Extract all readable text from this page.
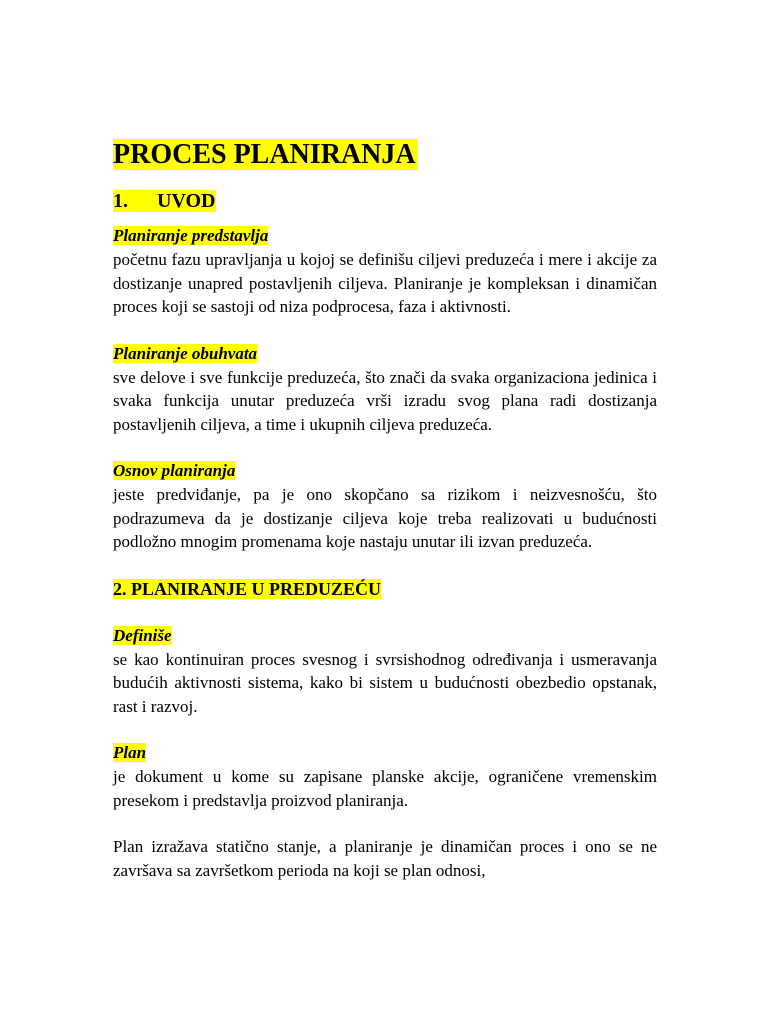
PROCES PLANIRANJA
1. UVOD
Planiranje predstavlja
početnu fazu upravljanja u kojoj se definišu ciljevi preduzeća i mere i akcije za dostizanje unapred postavljenih ciljeva. Planiranje je kompleksan i dinamičan proces koji se sastoji od niza podprocesa, faza i aktivnosti.
Planiranje obuhvata
sve delove i sve funkcije preduzeća, što znači da svaka organizaciona jedinica i svaka funkcija unutar preduzeća vrši izradu svog plana radi dostizanja postavljenih ciljeva, a time i ukupnih ciljeva preduzeća.
Osnov planiranja
jeste predviđanje, pa je ono skopčano sa rizikom i neizvesnošću, što podrazumeva da je dostizanje ciljeva koje treba realizovati u budućnosti podložno mnogim promenama koje nastaju unutar ili izvan preduzeća.
2. PLANIRANJE U PREDUZEĆU
Definiše
se kao kontinuiran proces svesnog i svrsishodnog određivanja i usmeravanja budućih aktivnosti sistema, kako bi sistem u budućnosti obezbedio opstanak, rast i razvoj.
Plan
je dokument u kome su zapisane planske akcije, ograničene vremenskim presekom i predstavlja proizvod planiranja.
Plan izražava statično stanje, a planiranje je dinamičan proces i ono se ne završava sa završetkom perioda na koji se plan odnosi,
